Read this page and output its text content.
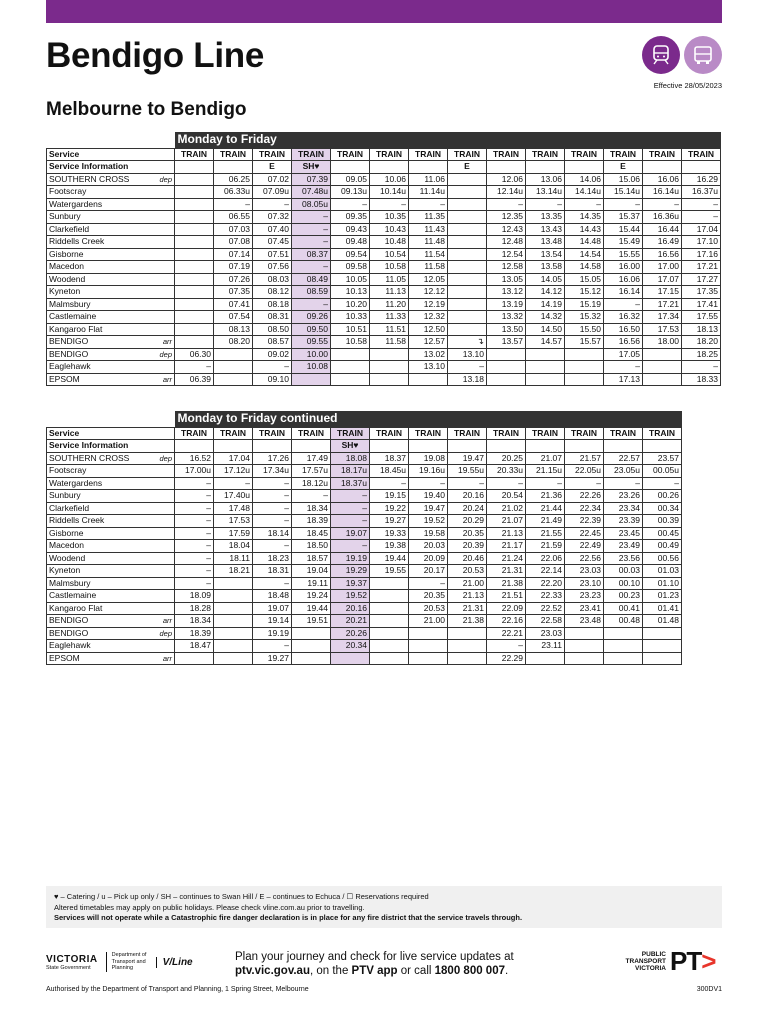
Bendigo Line
Effective 28/05/2023
Melbourne to Bendigo
		Monday to Friday													
Service		TRAIN	TRAIN	TRAIN	TRAIN	TRAIN	TRAIN	TRAIN	TRAIN	TRAIN	TRAIN	TRAIN	TRAIN	TRAIN	TRAIN
Service Information				E	SH♥				E				E		
SOUTHERN CROSS	dep		06.25	07.02	07.39	09.05	10.06	11.06		12.06	13.06	14.06	15.06	16.06	16.29
Footscray			06.33u	07.09u	07.48u	09.13u	10.14u	11.14u		12.14u	13.14u	14.14u	15.14u	16.14u	16.37u
Watergardens			–	–	08.05u	–	–	–		–	–	–	–	–	–
Sunbury			06.55	07.32	–	09.35	10.35	11.35		12.35	13.35	14.35	15.37	16.36u	–
Clarkefield			07.03	07.40	–	09.43	10.43	11.43		12.43	13.43	14.43	15.44	16.44	17.04
Riddells Creek			07.08	07.45	–	09.48	10.48	11.48		12.48	13.48	14.48	15.49	16.49	17.10
Gisborne			07.14	07.51	08.37	09.54	10.54	11.54		12.54	13.54	14.54	15.55	16.56	17.16
Macedon			07.19	07.56	–	09.58	10.58	11.58		12.58	13.58	14.58	16.00	17.00	17.21
Woodend			07.26	08.03	08.49	10.05	11.05	12.05		13.05	14.05	15.05	16.06	17.07	17.27
Kyneton			07.35	08.12	08.59	10.13	11.13	12.12		13.12	14.12	15.12	16.14	17.15	17.35
Malmsbury			07.41	08.18	–	10.20	11.20	12.19		13.19	14.19	15.19	–	17.21	17.41
Castlemaine			07.54	08.31	09.26	10.33	11.33	12.32		13.32	14.32	15.32	16.32	17.34	17.55
Kangaroo Flat			08.13	08.50	09.50	10.51	11.51	12.50		13.50	14.50	15.50	16.50	17.53	18.13
BENDIGO	arr		08.20	08.57	09.55	10.58	11.58	12.57	↴	13.57	14.57	15.57	16.56	18.00	18.20
BENDIGO	dep	06.30		09.02	10.00			13.02	13.10				17.05		18.25
Eaglehawk		–		–	10.08			13.10	–				–		–
EPSOM	arr	06.39		09.10					13.18				17.13		18.33
		Monday to Friday continued												
Service		TRAIN	TRAIN	TRAIN	TRAIN	TRAIN	TRAIN	TRAIN	TRAIN	TRAIN	TRAIN	TRAIN	TRAIN	TRAIN
Service Information						SH♥								
SOUTHERN CROSS	dep	16.52	17.04	17.26	17.49	18.08	18.37	19.08	19.47	20.25	21.07	21.57	22.57	23.57
Footscray		17.00u	17.12u	17.34u	17.57u	18.17u	18.45u	19.16u	19.55u	20.33u	21.15u	22.05u	23.05u	00.05u
Watergardens		–	–	–	18.12u	18.37u	–	–	–	–	–	–	–	–
Sunbury		–	17.40u	–	–	–	19.15	19.40	20.16	20.54	21.36	22.26	23.26	00.26
Clarkefield		–	17.48	–	18.34	–	19.22	19.47	20.24	21.02	21.44	22.34	23.34	00.34
Riddells Creek		–	17.53	–	18.39	–	19.27	19.52	20.29	21.07	21.49	22.39	23.39	00.39
Gisborne		–	17.59	18.14	18.45	19.07	19.33	19.58	20.35	21.13	21.55	22.45	23.45	00.45
Macedon		–	18.04	–	18.50	–	19.38	20.03	20.39	21.17	21.59	22.49	23.49	00.49
Woodend		–	18.11	18.23	18.57	19.19	19.44	20.09	20.46	21.24	22.06	22.56	23.56	00.56
Kyneton		–	18.21	18.31	19.04	19.29	19.55	20.17	20.53	21.31	22.14	23.03	00.03	01.03
Malmsbury		–		–	19.11	19.37		–	21.00	21.38	22.20	23.10	00.10	01.10
Castlemaine		18.09		18.48	19.24	19.52		20.35	21.13	21.51	22.33	23.23	00.23	01.23
Kangaroo Flat		18.28		19.07	19.44	20.16		20.53	21.31	22.09	22.52	23.41	00.41	01.41
BENDIGO	arr	18.34		19.14	19.51	20.21		21.00	21.38	22.16	22.58	23.48	00.48	01.48
BENDIGO	dep	18.39		19.19		20.26				22.21	23.03			
Eaglehawk		18.47		–		20.34				–	23.11			
EPSOM	arr			19.27						22.29				
♥ – Catering / u – Pick up only / SH – continues to Swan Hill / E – continues to Echuca / ☐ Reservations required
Altered timetables may apply on public holidays. Please check vline.com.au prior to travelling.
Services will not operate while a Catastrophic fire danger declaration is in place for any fire district that the service travels through.
VICTORIA
State Government
Department of Transport and Planning
V/Line	Plan your journey and check for live service updates at
ptv.vic.gov.au, on the PTV app or call 1800 800 007.
PUBLIC TRANSPORT VICTORIA PT>
Authorised by the Department of Transport and Planning, 1 Spring Street, Melbourne	300DV1
